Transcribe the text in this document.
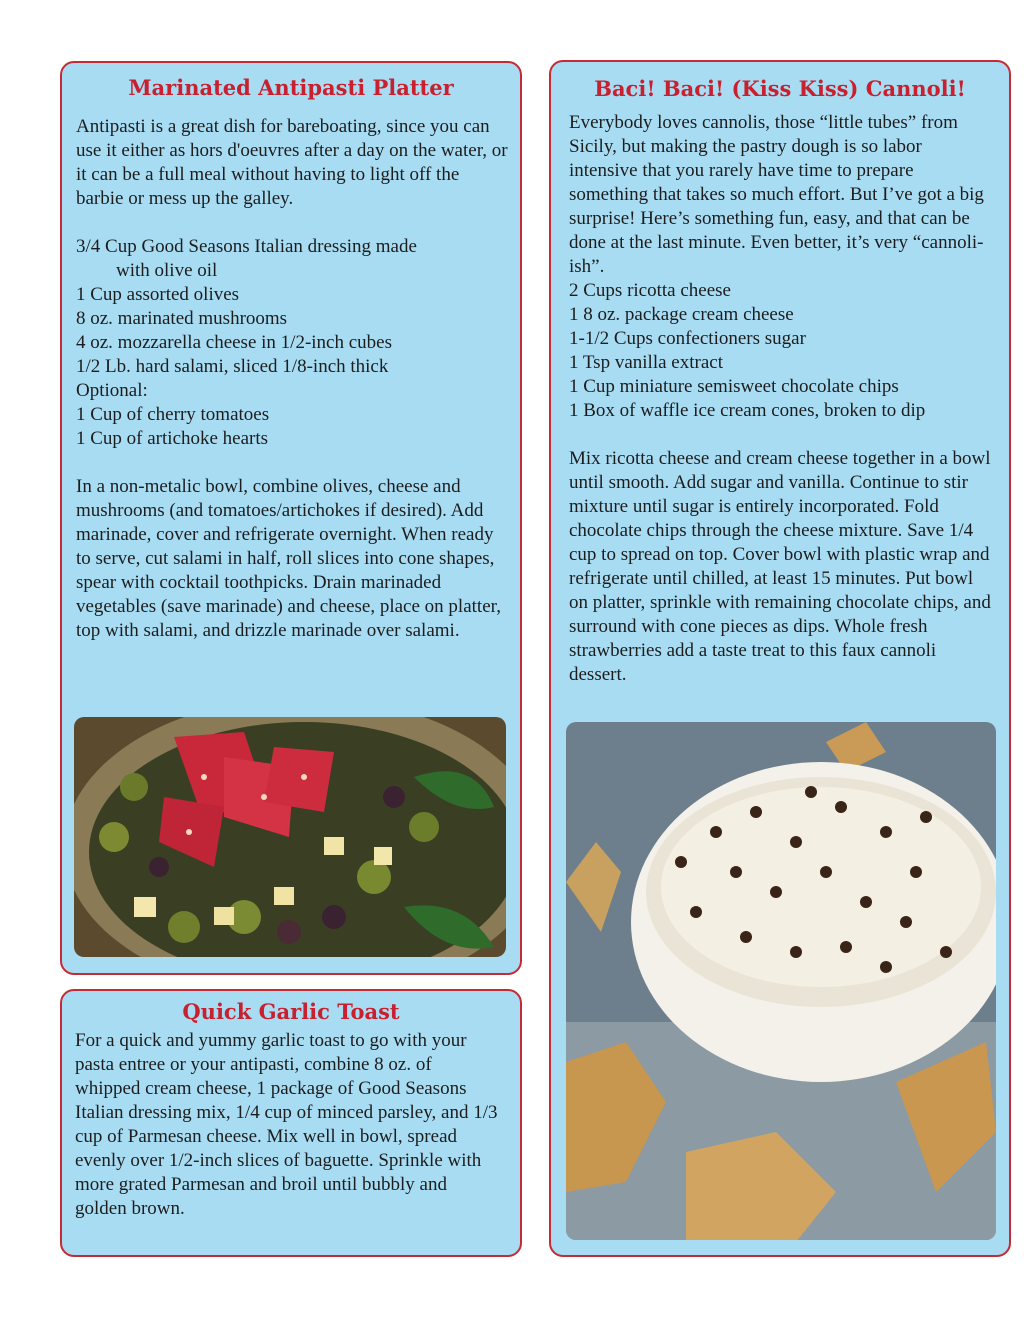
Marinated Antipasti Platter

Antipasti is a great dish for bareboating, since you can use it either as hors d'oeuvres after a day on the water, or it can be a full meal without having to light off the barbie or mess up the galley.

3/4 Cup Good Seasons Italian dressing made
with olive oil
1 Cup assorted olives
8 oz. marinated mushrooms
4 oz. mozzarella cheese in 1/2-inch cubes
1/2 Lb. hard salami, sliced 1/8-inch thick
Optional:
1 Cup of cherry tomatoes
1 Cup of artichoke hearts

In a non-metalic bowl, combine olives, cheese and mushrooms (and tomatoes/artichokes if desired). Add marinade, cover and refrigerate overnight. When ready to serve, cut salami in half, roll slices into cone shapes, spear with cocktail toothpicks. Drain marinaded vegetables (save marinade) and cheese, place on platter, top with salami, and drizzle marinade over salami.

Quick Garlic Toast

For a quick and yummy garlic toast to go with your pasta entree or your antipasti, combine 8 oz. of whipped cream cheese, 1 package of Good Seasons Italian dressing mix, 1/4 cup of minced parsley, and 1/3 cup of Parmesan cheese. Mix well in bowl, spread evenly over 1/2-inch slices of baguette. Sprinkle with more grated Parmesan and broil until bubbly and golden brown.

Baci! Baci! (Kiss Kiss) Cannoli!

Everybody loves cannolis, those “little tubes” from Sicily, but making the pastry dough is so labor intensive that you rarely have time to prepare something that takes so much effort. But I’ve got a big surprise! Here’s something fun, easy, and that can be done at the last minute. Even better, it’s very “cannoli-ish”.

2 Cups ricotta cheese
1 8 oz. package cream cheese
1-1/2 Cups confectioners sugar
1 Tsp vanilla extract
1 Cup miniature semisweet chocolate chips
1 Box of waffle ice cream cones, broken to dip

Mix ricotta cheese and cream cheese together in a bowl until smooth. Add sugar and vanilla. Continue to stir mixture until sugar is entirely incorporated. Fold chocolate chips through the cheese mixture. Save 1/4 cup to spread on top. Cover bowl with plastic wrap and refrigerate until chilled, at least 15 minutes. Put bowl on platter, sprinkle with remaining chocolate chips, and surround with cone pieces as dips. Whole fresh strawberries add a taste treat to this faux cannoli dessert.
